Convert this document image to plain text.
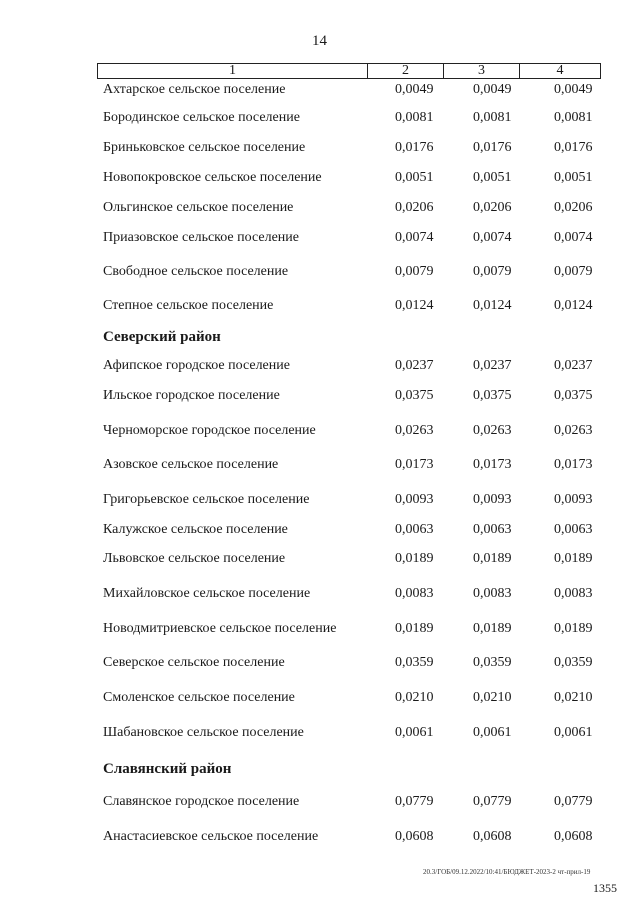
14
1	2	3	4
Ахтарское сельское поселение	0,0049	0,0049	0,0049
Бородинское сельское поселение	0,0081	0,0081	0,0081
Бриньковское сельское поселение	0,0176	0,0176	0,0176
Новопокровское сельское поселение	0,0051	0,0051	0,0051
Ольгинское сельское поселение	0,0206	0,0206	0,0206
Приазовское сельское поселение	0,0074	0,0074	0,0074
Свободное сельское поселение	0,0079	0,0079	0,0079
Степное сельское поселение	0,0124	0,0124	0,0124
Северский район
Афипское городское поселение	0,0237	0,0237	0,0237
Ильское городское поселение	0,0375	0,0375	0,0375
Черноморское городское поселение	0,0263	0,0263	0,0263
Азовское сельское поселение	0,0173	0,0173	0,0173
Григорьевское сельское поселение	0,0093	0,0093	0,0093
Калужское сельское поселение	0,0063	0,0063	0,0063
Львовское сельское поселение	0,0189	0,0189	0,0189
Михайловское сельское поселение	0,0083	0,0083	0,0083
Новодмитриевское сельское поселение	0,0189	0,0189	0,0189
Северское сельское поселение	0,0359	0,0359	0,0359
Смоленское сельское поселение	0,0210	0,0210	0,0210
Шабановское сельское поселение	0,0061	0,0061	0,0061
Славянский район
Славянское городское поселение	0,0779	0,0779	0,0779
Анастасиевское сельское поселение	0,0608	0,0608	0,0608
20.3/ГОБ/09.12.2022/10:41/БЮДЖЕТ-2023-2 чт-прил-19
1355
